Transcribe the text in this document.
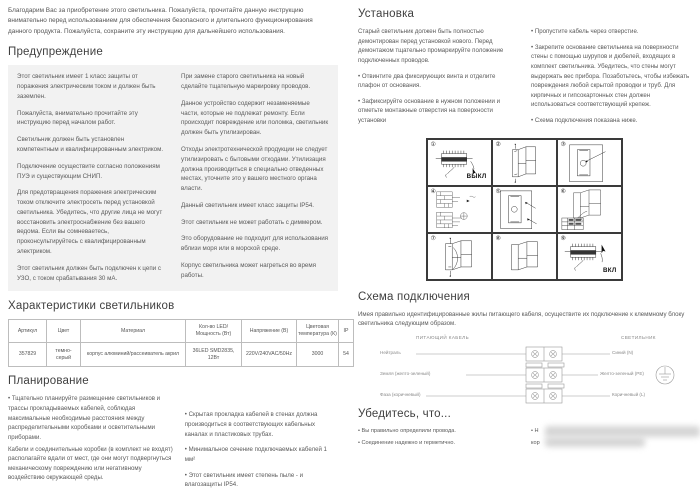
Благодарим Вас за приобретение этого светильника. Пожалуйста, прочитайте данную инструкцию внимательно перед использованием для обеспечения безопасного и длительного функционирования данного продукта. Пожалуйста, сохраните эту инструкцию для дальнейшего использования.
Предупреждение

Этот светильник имеет 1 класс защиты от поражения электрическим током и должен быть заземлен.

Пожалуйста, внимательно прочитайте эту инструкцию перед началом работ.

Светильник должен быть установлен компетентным и квалифицированным электриком.

Подключение осуществите согласно положениям ПУЭ и существующим СНИП.

Для предотвращения поражения электрическим током отключите электросеть перед установкой светильника. Убедитесь, что другие лица не могут восстановить электроснабжение без вашего ведома. Если вы сомневаетесь, проконсультируйтесь с квалифицированным электриком.

Этот светильник должен быть подключен к цепи с УЗО, с током срабатывания 30 мА.

При замене старого светильника на новый сделайте тщательную маркировку проводов.

Данное устройство содержит незаменяемые части, которые не подлежат ремонту. Если происходит повреждение или поломка, светильник должен быть утилизирован.

Отходы электротехнической продукции не следует утилизировать с бытовыми отходами. Утилизация должна производиться в специально отведенных местах, уточните это у вашего местного органа власти.

Данный светильник имеет класс защиты IP54.

Этот светильник не может работать с диммером.

Это оборудование не подходит для использования вблизи моря или в морской среде.

Корпус светильника может нагреться во время работы.

Характеристики светильников
Артикул	Цвет	Материал	Кол-во LED/ Мощность (Вт)	Напряжение (В)	Цветовая температура (К)	IP
357829	темно-серый	корпус алюминий/рассеиватель акрил	36LED SMD2835, 12Вт	220V/240VAC/50Hz	3000	54
Планирование

• Тщательно планируйте размещение светильников и трассы прокладываемых кабелей, соблюдая максимальные необходимые расстояния между распределительными коробками и осветительными приборами.

Кабели и соединительные коробки (в комплект не входят) располагайте вдали от мест, где они могут подвергнуться механическому повреждению или негативному воздействию окружающей среды.

• Скрытая прокладка кабелей в стенах должна производиться в соответствующих кабельных каналах и пластиковых трубах.

• Минимальное сечение подключаемых кабелей 1 мм²

• Этот светильник имеет степень пыле - и влагозащиты IP54.

Установка

Старый светильник должен быть полностью демонтирован перед установкой нового. Перед демонтажом тщательно промаркируйте положение подключенных проводов.

• Отвинтите два фиксирующих винта и отделите плафон от основания.

• Зафиксируйте основание в нужном положении и отметьте монтажные отверстия на поверхности установки

• Пропустите кабель через отверстие.

• Закрепите основание светильника на поверхности стены с помощью шурупов и дюбелей, входящих в комплект светильника. Убедитесь, что стены могут выдержать вес прибора. Позаботьтесь, чтобы избежать повреждения любой скрытой проводки и труб. Для кирпичных и гипсокартонных стен должен использоваться соответствующий крепеж.

• Схема подключения показана ниже.

①
ВЫКЛ
②	③
④	⑤	⑥
⑦	⑧	⑨
ВКЛ
Схема подключения
Имея правильно идентифицированные жилы питающего кабеля, осуществите их подключение к клеммному блоку светильника следующим образом.
ПИТАЮЩИЙ КАБЕЛЬ	СВЕТИЛЬНИК
Нейтраль
Земля (желто-зеленый)
Фаза (коричневый)
Синий (N)
Желто-зеленый (PE)
Коричневый (L)
Убедитесь, что...

• Вы правильно определили провода.

• Соединение надежно и герметично.

• Н

кор
